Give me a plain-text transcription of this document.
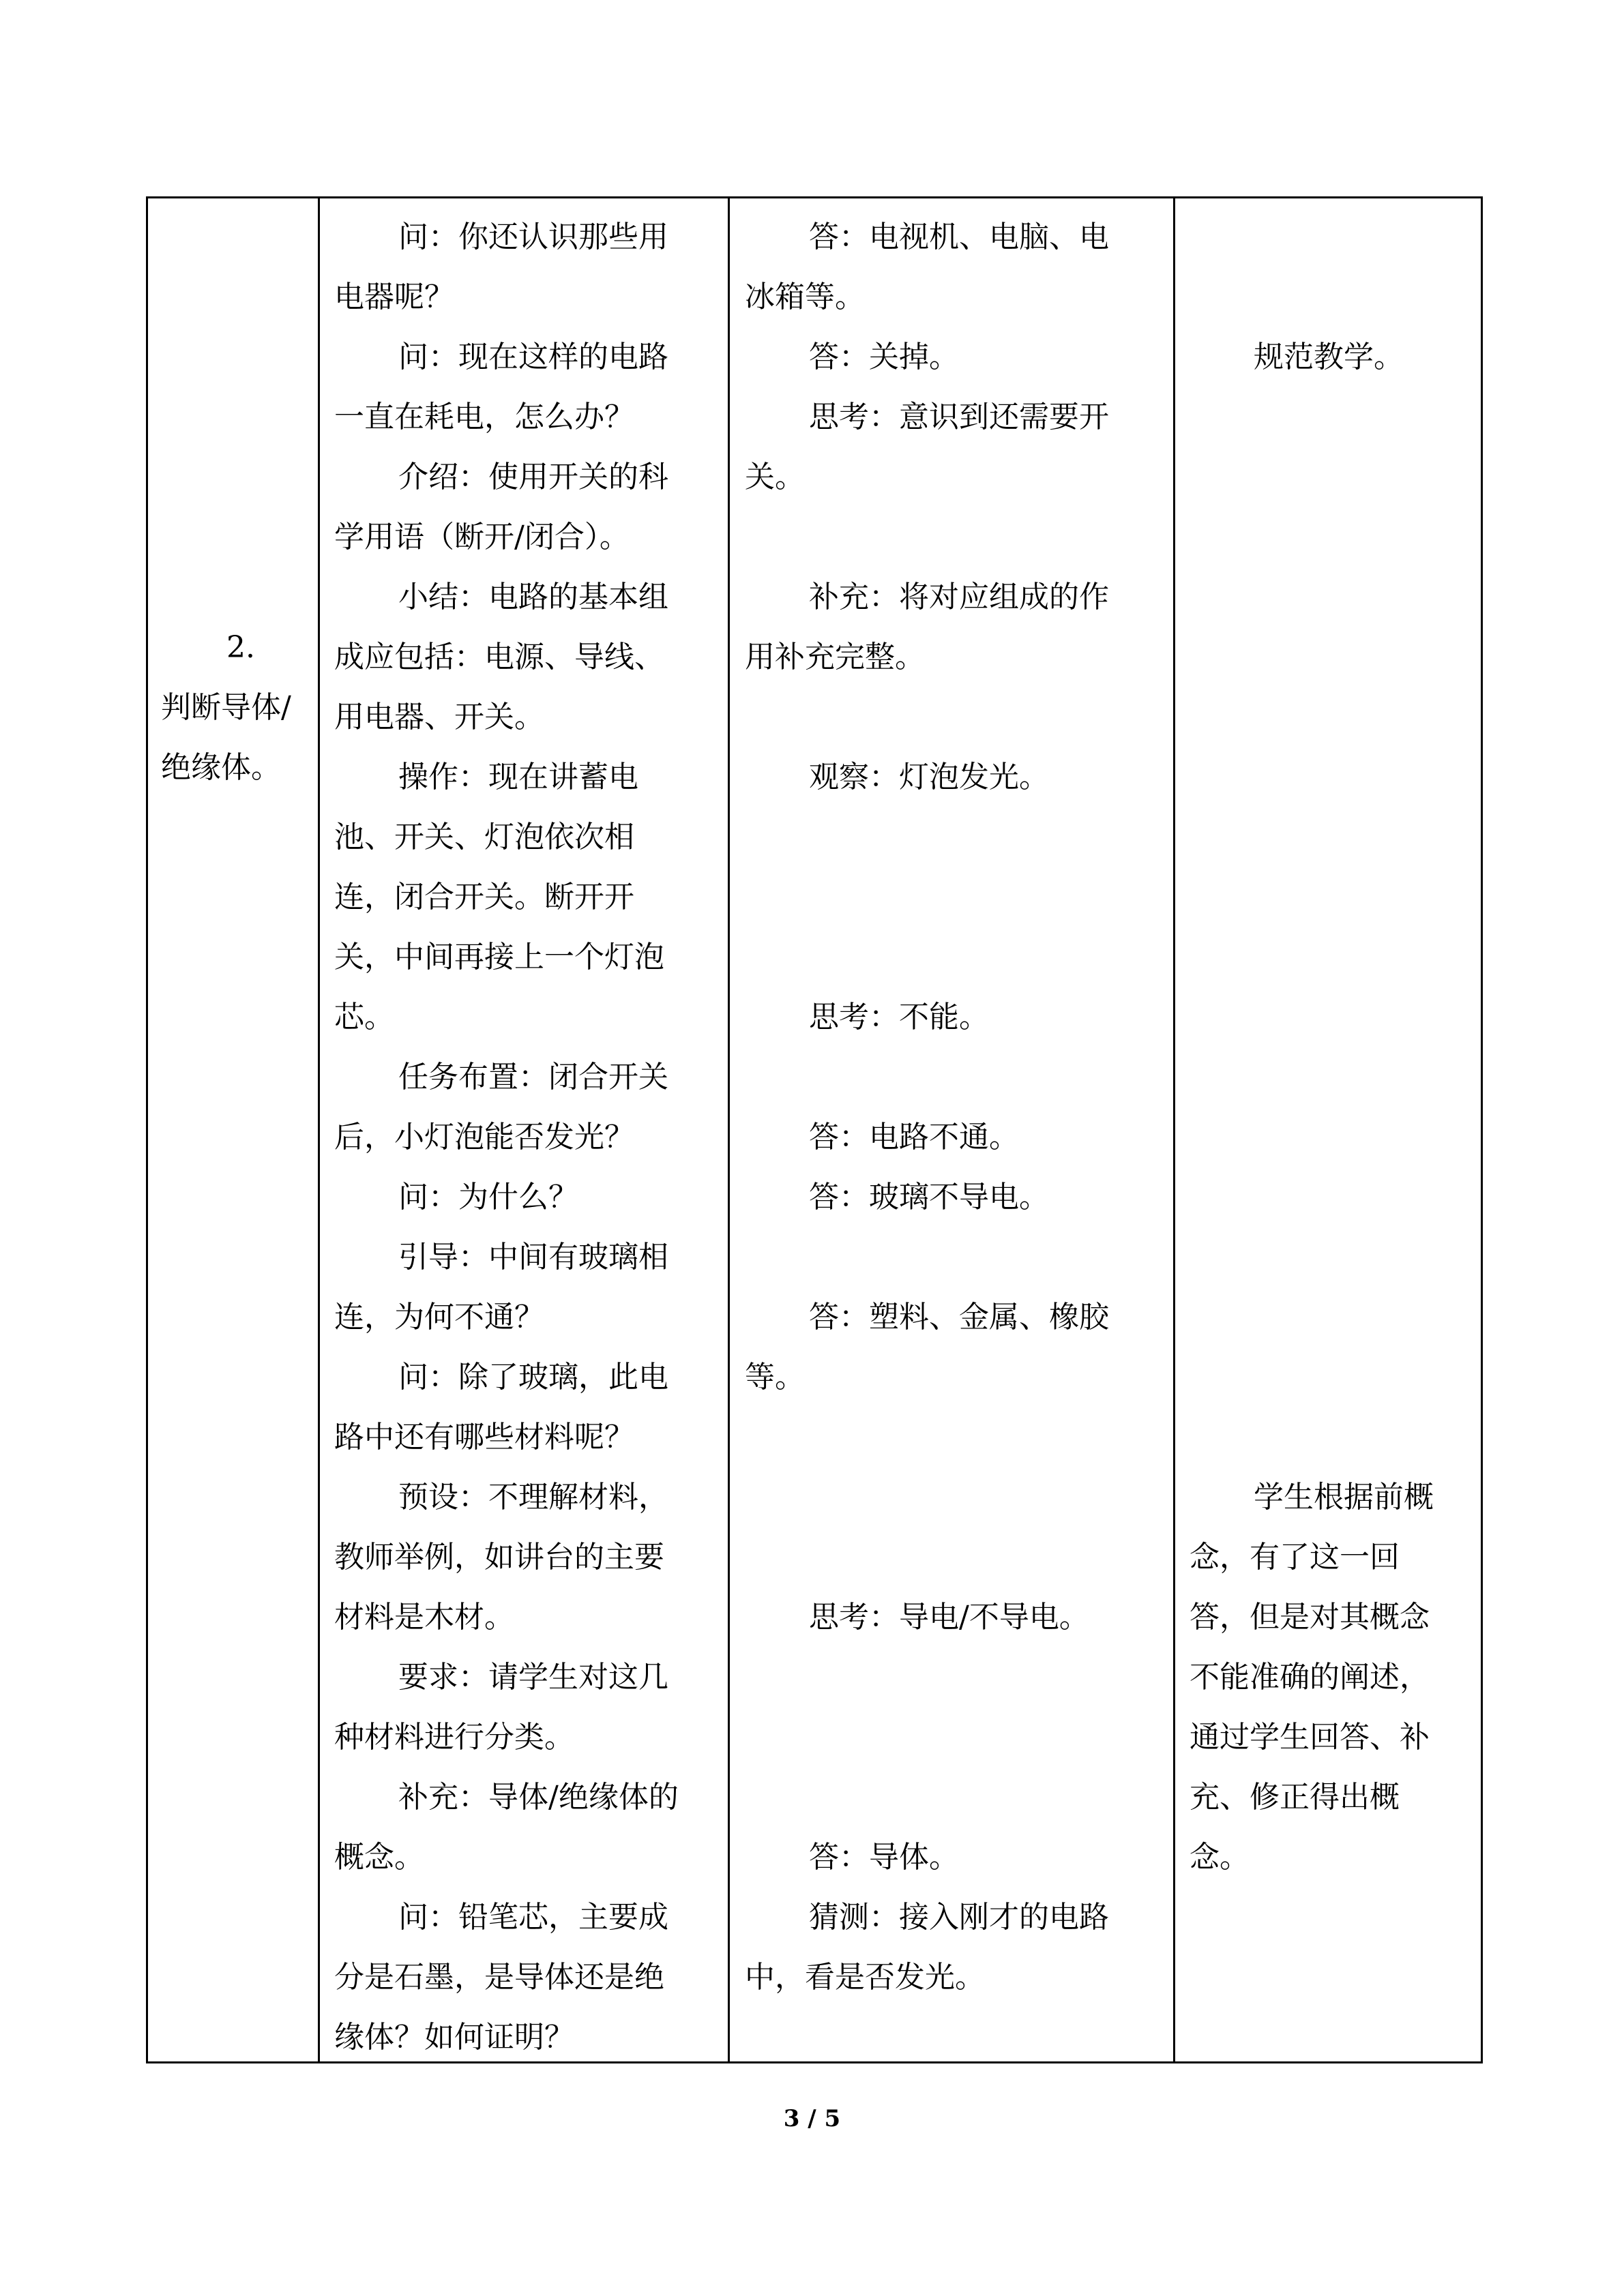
2.
判断导体/
绝缘体。
问：你还认识那些用
电器呢？
问：现在这样的电路
一直在耗电，怎么办？
介绍：使用开关的科
学用语（断开/闭合）。
小结：电路的基本组
成应包括：电源、导线、
用电器、开关。
操作：现在讲蓄电
池、开关、灯泡依次相
连，闭合开关。断开开
关，中间再接上一个灯泡
芯。
任务布置：闭合开关
后，小灯泡能否发光？
问：为什么？
引导：中间有玻璃相
连，为何不通？
问：除了玻璃，此电
路中还有哪些材料呢？
预设：不理解材料，
教师举例，如讲台的主要
材料是木材。
要求：请学生对这几
种材料进行分类。
补充：导体/绝缘体的
概念。
问：铅笔芯，主要成
分是石墨，是导体还是绝
缘体？如何证明？
答：电视机、电脑、电
冰箱等。
答：关掉。
思考：意识到还需要开
关。
补充：将对应组成的作
用补充完整。
观察：灯泡发光。
思考：不能。
答：电路不通。
答：玻璃不导电。
答：塑料、金属、橡胶
等。
思考：导电/不导电。
答：导体。
猜测：接入刚才的电路
中，看是否发光。
规范教学。
学生根据前概
念，有了这一回
答，但是对其概念
不能准确的阐述，
通过学生回答、补
充、修正得出概
念。
3 / 5
